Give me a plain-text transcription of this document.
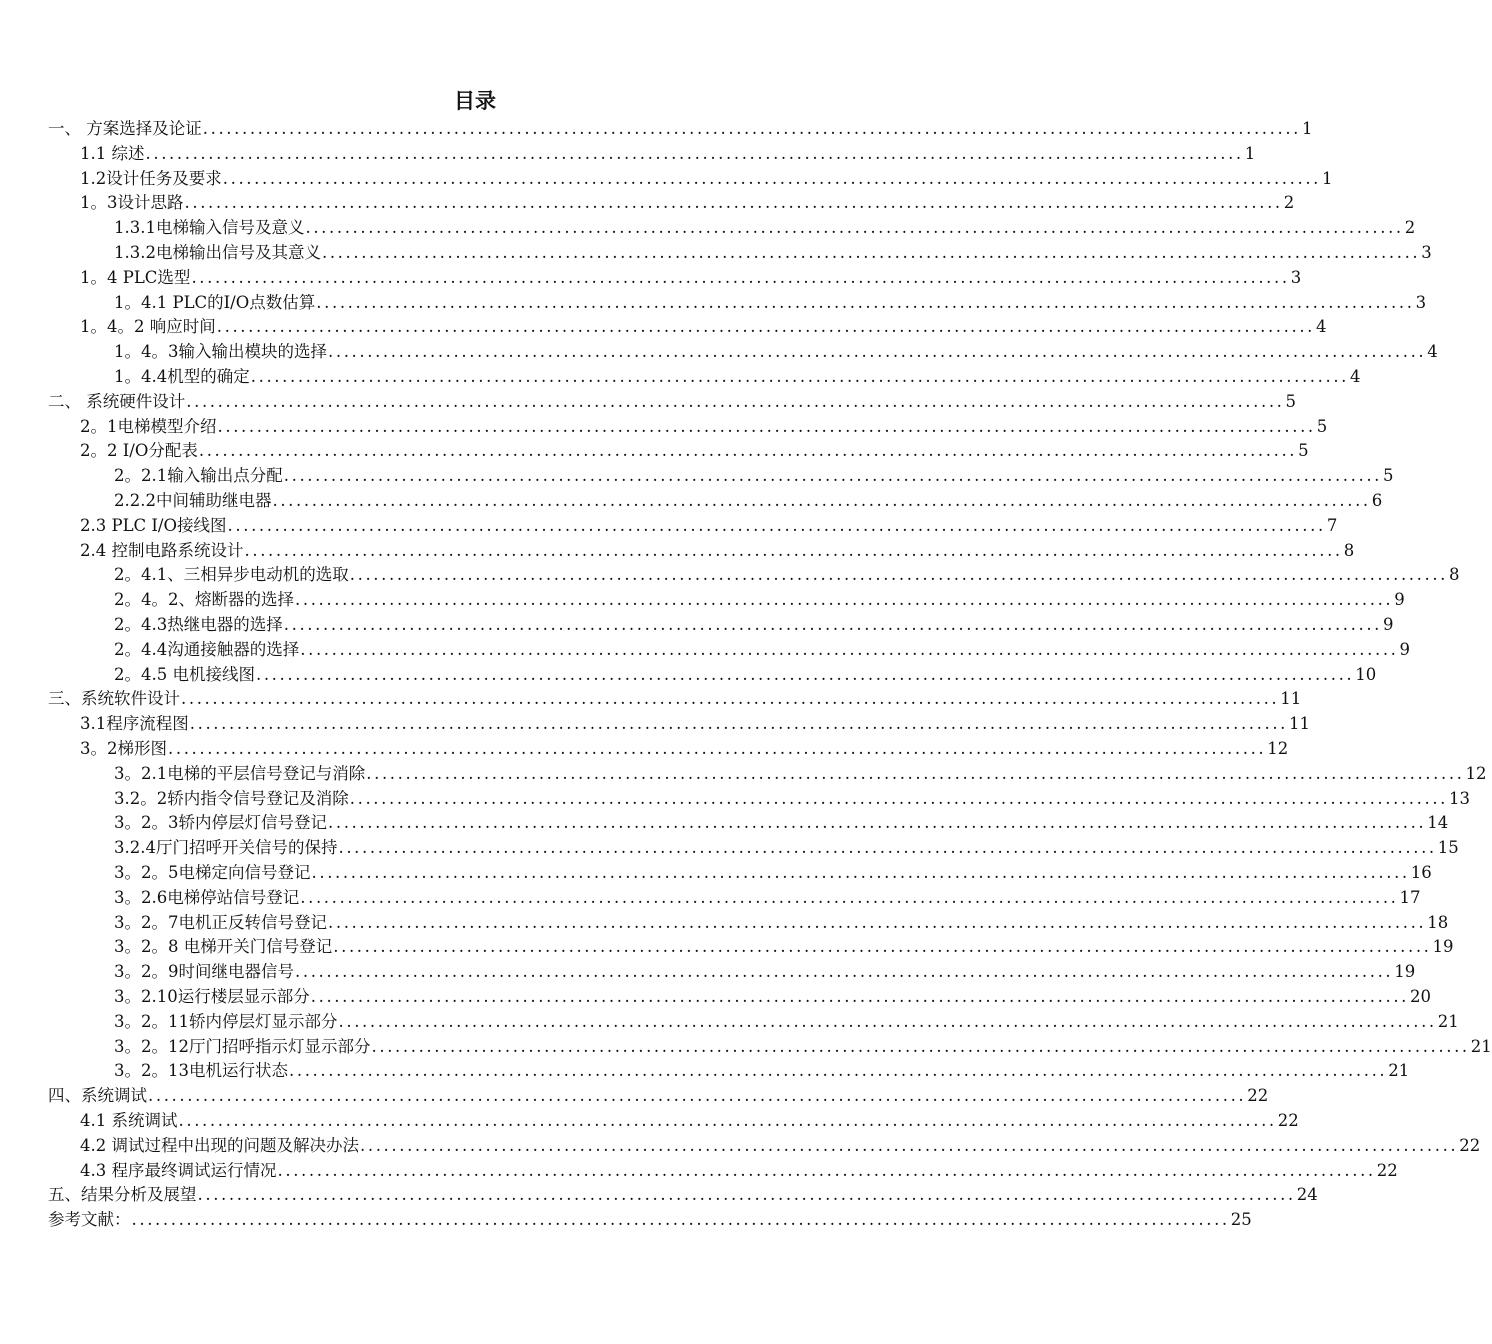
目录
一、 方案选择及论证 ............................................................................................................................................ 1
1.1 综述 ............................................................................................................................................ 1
1.2设计任务及要求 ............................................................................................................................................ 1
1。3设计思路 ............................................................................................................................................ 2
1.3.1电梯输入信号及意义 ............................................................................................................................................ 2
1.3.2电梯输出信号及其意义 ............................................................................................................................................ 3
1。4 PLC选型 ............................................................................................................................................ 3
1。4.1 PLC的I/O点数估算 ............................................................................................................................................ 3
1。4。2 响应时间 ............................................................................................................................................ 4
1。4。3输入输出模块的选择 ............................................................................................................................................ 4
1。4.4机型的确定 ............................................................................................................................................ 4
二、 系统硬件设计 ............................................................................................................................................ 5
2。1电梯模型介绍 ............................................................................................................................................ 5
2。2 I/O分配表 ............................................................................................................................................ 5
2。2.1输入输出点分配 ............................................................................................................................................ 5
2.2.2中间辅助继电器 ............................................................................................................................................ 6
2.3 PLC I/O接线图 ............................................................................................................................................ 7
2.4 控制电路系统设计 ............................................................................................................................................ 8
2。4.1、三相异步电动机的选取 ............................................................................................................................................ 8
2。4。2、熔断器的选择 ............................................................................................................................................ 9
2。4.3热继电器的选择 ............................................................................................................................................ 9
2。4.4沟通接触器的选择 ............................................................................................................................................ 9
2。4.5 电机接线图 ............................................................................................................................................ 10
三、系统软件设计 ............................................................................................................................................ 11
3.1程序流程图 ............................................................................................................................................ 11
3。2梯形图 ............................................................................................................................................ 12
3。2.1电梯的平层信号登记与消除 ............................................................................................................................................ 12
3.2。2轿内指令信号登记及消除 ............................................................................................................................................ 13
3。2。3轿内停层灯信号登记 ............................................................................................................................................ 14
3.2.4厅门招呼开关信号的保持 ............................................................................................................................................ 15
3。2。5电梯定向信号登记 ............................................................................................................................................ 16
3。2.6电梯停站信号登记 ............................................................................................................................................ 17
3。2。7电机正反转信号登记 ............................................................................................................................................ 18
3。2。8 电梯开关门信号登记 ............................................................................................................................................ 19
3。2。9时间继电器信号 ............................................................................................................................................ 19
3。2.10运行楼层显示部分 ............................................................................................................................................ 20
3。2。11轿内停层灯显示部分 ............................................................................................................................................ 21
3。2。12厅门招呼指示灯显示部分 ............................................................................................................................................ 21
3。2。13电机运行状态 ............................................................................................................................................ 21
四、系统调试 ............................................................................................................................................ 22
4.1 系统调试 ............................................................................................................................................ 22
4.2 调试过程中出现的问题及解决办法 ............................................................................................................................................ 22
4.3 程序最终调试运行情况 ............................................................................................................................................ 22
五、结果分析及展望 ............................................................................................................................................ 24
参考文献： ............................................................................................................................................ 25
